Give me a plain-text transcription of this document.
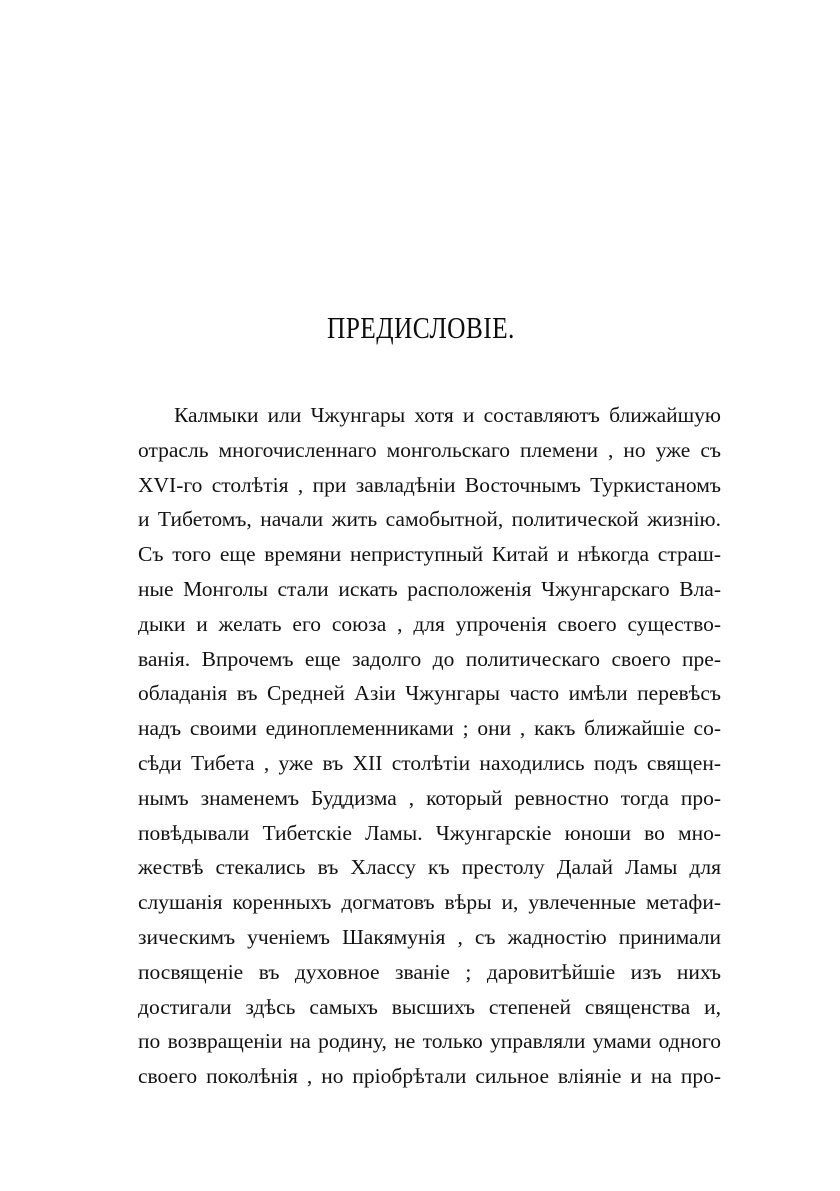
ПРЕДИСЛОВІЕ.
Калмыки или Чжунгары хотя и составляютъ ближайшую
отрасль многочисленнаго монгольскаго племени , но уже съ
XVI-го столѣтія , при завладѣніи Восточнымъ Туркистаномъ
и Тибетомъ, начали жить самобытной, политической жизнію.
Съ того еще времяни неприступный Китай и нѣкогда страш-
ные Монголы стали искать расположенія Чжунгарскаго Вла-
дыки и желать его союза , для упроченія своего существо-
ванія. Впрочемъ еще задолго до политическаго своего пре-
обладанія въ Средней Азіи Чжунгары часто имѣли перевѣсъ
надъ своими единоплеменниками ; они , какъ ближайшіе со-
сѣди Тибета , уже въ XII столѣтіи находились подъ священ-
нымъ знаменемъ Буддизма , который ревностно тогда про-
повѣдывали Тибетскіе Ламы. Чжунгарскіе юноши во мно-
жествѣ стекались въ Хлассу къ престолу Далай Ламы для
слушанія коренныхъ догматовъ вѣры и, увлеченные метафи-
зическимъ ученіемъ Шакямунія , съ жадностію принимали
посвященіе въ духовное званіе ; даровитѣйшіе изъ нихъ
достигали здѣсь самыхъ высшихъ степеней священства и,
по возвращеніи на родину, не только управляли умами одного
своего поколѣнія , но пріобрѣтали сильное вліяніе и на про-
